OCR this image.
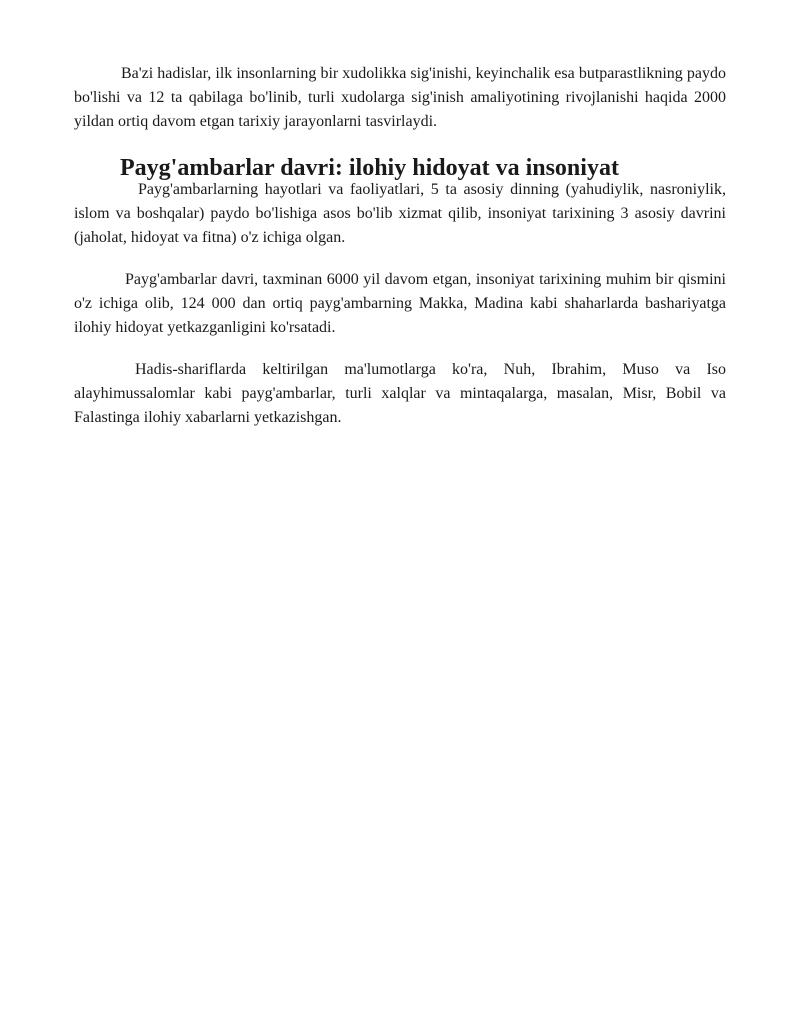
Ba'zi hadislar, ilk insonlarning bir xudolikka sig'inishi, keyinchalik esa butparastlikning paydo bo'lishi va 12 ta qabilaga bo'linib, turli xudolarga sig'inish amaliyotining rivojlanishi haqida 2000 yildan ortiq davom etgan tarixiy jarayonlarni tasvirlaydi.

Payg'ambarlar davri: ilohiy hidoyat va insoniyat

Payg'ambarlarning hayotlari va faoliyatlari, 5 ta asosiy dinning (yahudiylik, nasroniylik, islom va boshqalar) paydo bo'lishiga asos bo'lib xizmat qilib, insoniyat tarixining 3 asosiy davrini (jaholat, hidoyat va fitna) o'z ichiga olgan.

Payg'ambarlar davri, taxminan 6000 yil davom etgan, insoniyat tarixining muhim bir qismini o'z ichiga olib, 124 000 dan ortiq payg'ambarning Makka, Madina kabi shaharlarda bashariyatga ilohiy hidoyat yetkazganligini ko'rsatadi.

Hadis-shariflarda keltirilgan ma'lumotlarga ko'ra, Nuh, Ibrahim, Muso va Iso alayhimussalomlar kabi payg'ambarlar, turli xalqlar va mintaqalarga, masalan, Misr, Bobil va Falastinga ilohiy xabarlarni yetkazishgan.
